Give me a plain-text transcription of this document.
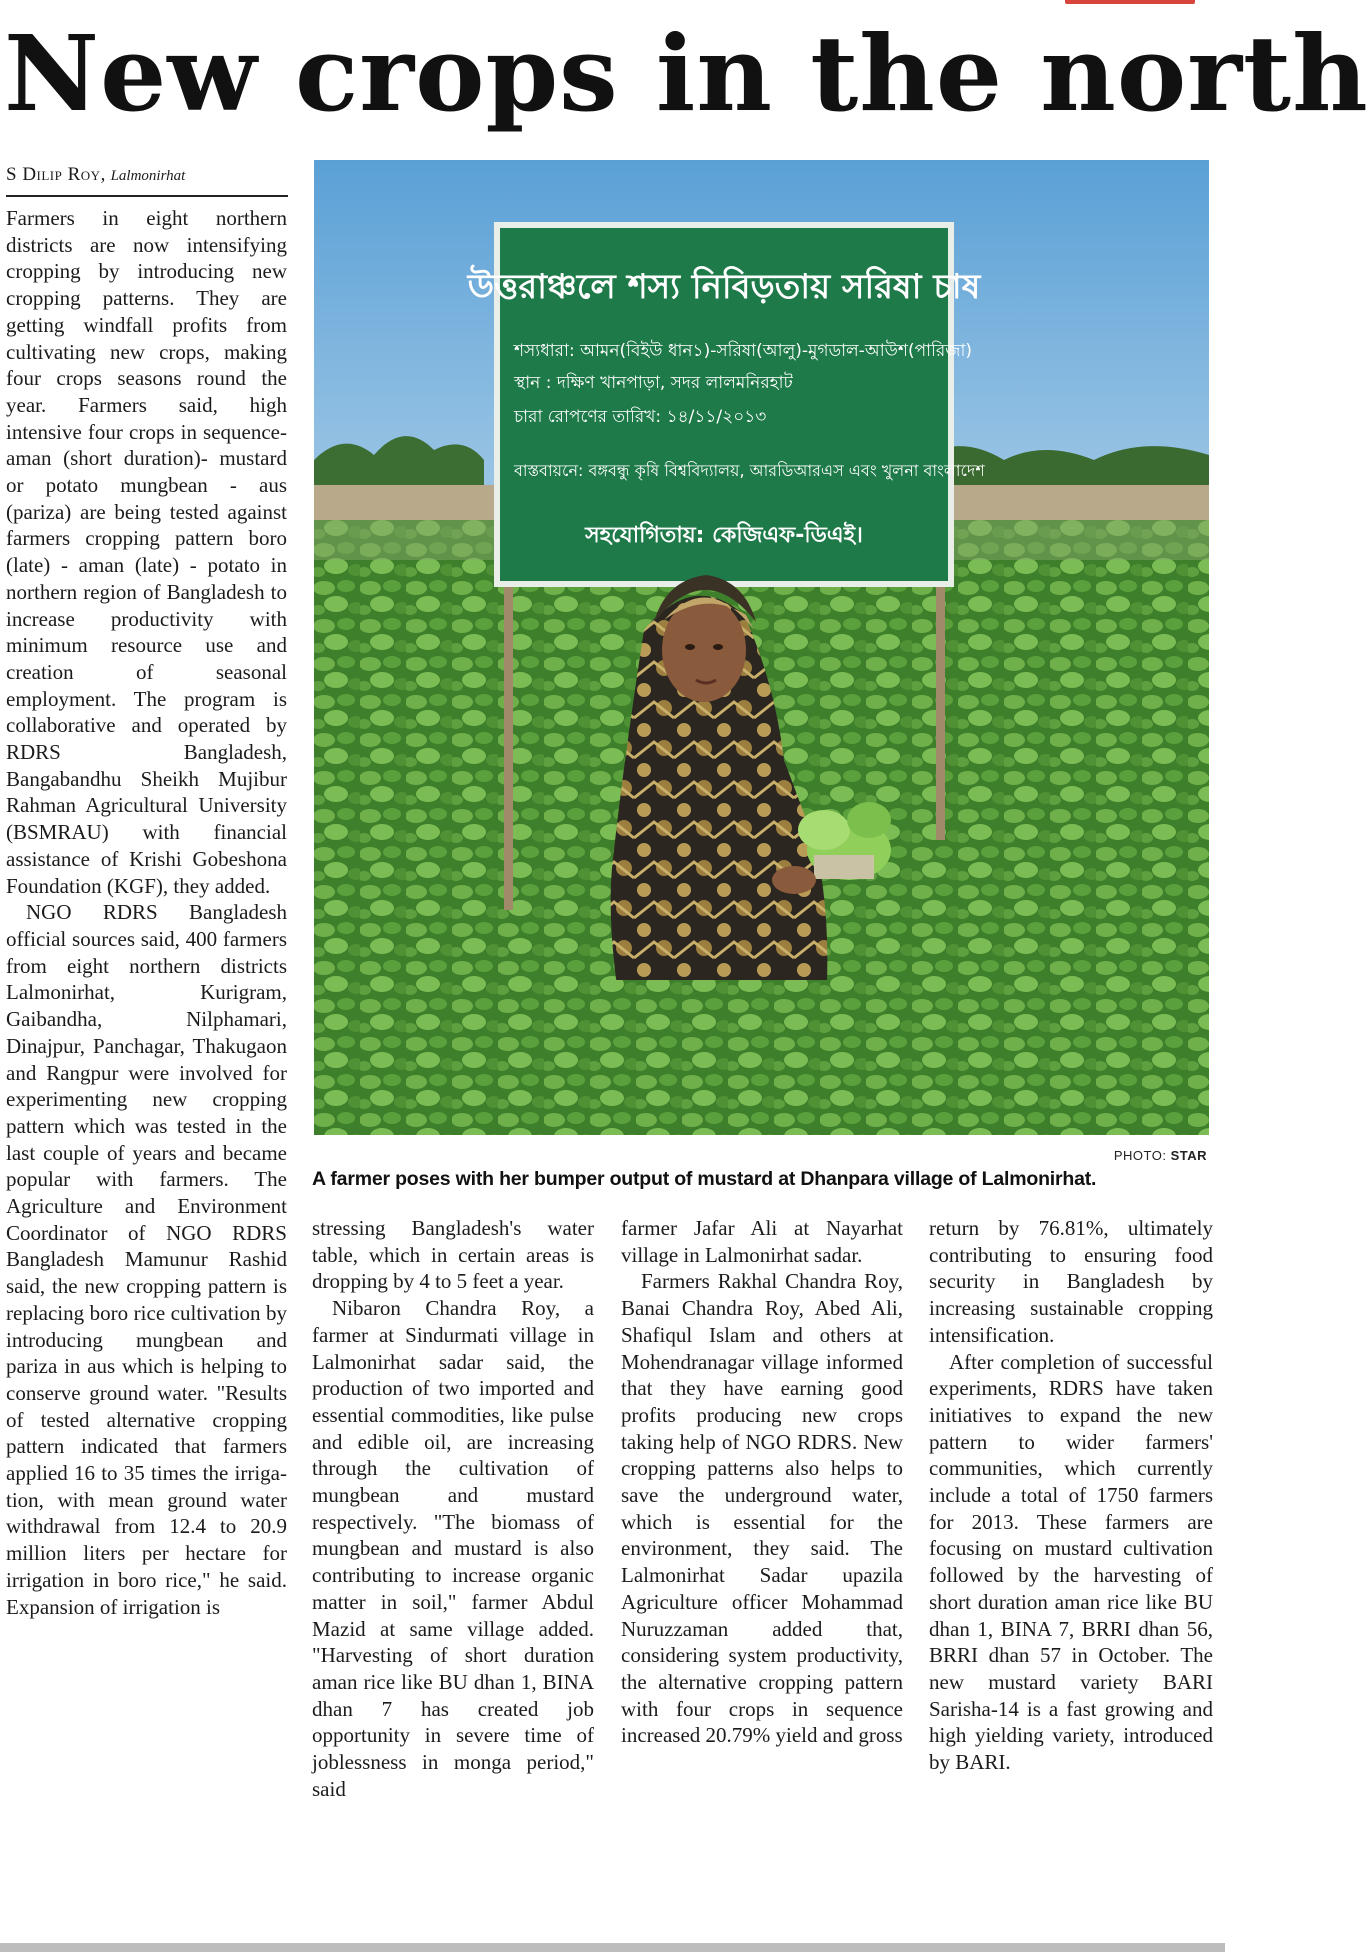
New crops in the north
S Dilip Roy, Lalmonirhat

Farmers in eight northern districts are now intensifying cropping by introducing new cropping patterns. They are getting windfall profits from cultivating new crops, making four crops seasons round the year. Farmers said, high intensive four crops in sequence- aman (short duration)- mustard or potato mungbean - aus (pariza) are being tested against farmers cropping pattern boro (late) - aman (late) - potato in northern region of Bangladesh to increase productivity with minimum resource use and creation of seasonal employment. The program is collaborative and operated by RDRS Bangladesh, Bangabandhu Sheikh Mujibur Rahman Agricultural University (BSMRAU) with financial assistance of Krishi Gobeshona Foundation (KGF), they added.

NGO RDRS Bangladesh official sources said, 400 farmers from eight northern districts Lalmonirhat, Kurigram, Gaibandha, Nilphamari, Dinajpur, Panchagar, Thakugaon and Rangpur were involved for experimenting new cropping pattern which was tested in the last couple of years and became popular with farmers. The Agriculture and Environment Coordinator of NGO RDRS Bangladesh Mamunur Rashid said, the new cropping pattern is replacing boro rice cultivation by introducing mungbean and pariza in aus which is helping to conserve ground water. "Results of tested alternative cropping pattern indicated that farmers applied 16 to 35 times the irrigation, with mean ground water withdrawal from 12.4 to 20.9 million liters per hectare for irrigation in boro rice," he said. Expansion of irrigation is

উত্তরাঞ্চলে শস্য নিবিড়তায় সরিষা চাষ
শস্যধারা: আমন(বিইউ ধান১)-সরিষা(আলু)-মুগডাল-আউশ(পারিজা)
স্থান : দক্ষিণ খানপাড়া, সদর লালমনিরহাট
চারা রোপণের তারিখ: ১৪/১১/২০১৩
বাস্তবায়নে: বঙ্গবন্ধু কৃষি বিশ্ববিদ্যালয়, আরডিআরএস এবং খুলনা বাংলাদেশ
সহযোগিতায়: কেজিএফ-ডিএই।
PHOTO: STAR
A farmer poses with her bumper output of mustard at Dhanpara village of Lalmonirhat.

stressing Bangladesh's water table, which in certain areas is dropping by 4 to 5 feet a year.

Nibaron Chandra Roy, a farmer at Sindurmati village in Lalmonirhat sadar said, the production of two imported and essential commodities, like pulse and edible oil, are increasing through the cultivation of mungbean and mustard respectively. "The biomass of mungbean and mustard is also contributing to increase organic matter in soil," farmer Abdul Mazid at same village added. "Harvesting of short duration aman rice like BU dhan 1, BINA dhan 7 has created job opportunity in severe time of joblessness in monga period," said

farmer Jafar Ali at Nayarhat village in Lalmonirhat sadar.

Farmers Rakhal Chandra Roy, Banai Chandra Roy, Abed Ali, Shafiqul Islam and others at Mohendranagar village informed that they have earning good profits producing new crops taking help of NGO RDRS. New cropping patterns also helps to save the underground water, which is essential for the environment, they said. The Lalmonirhat Sadar upazila Agriculture officer Mohammad Nuruzzaman added that, considering system productivity, the alternative cropping pattern with four crops in sequence increased 20.79% yield and gross

return by 76.81%, ultimately contributing to ensuring food security in Bangladesh by increasing sustainable cropping intensification.

After completion of successful experiments, RDRS have taken initiatives to expand the new pattern to wider farmers' communities, which currently include a total of 1750 farmers for 2013. These farmers are focusing on mustard cultivation followed by the harvesting of short duration aman rice like BU dhan 1, BINA 7, BRRI dhan 56, BRRI dhan 57 in October. The new mustard variety BARI Sarisha-14 is a fast growing and high yielding variety, introduced by BARI.
